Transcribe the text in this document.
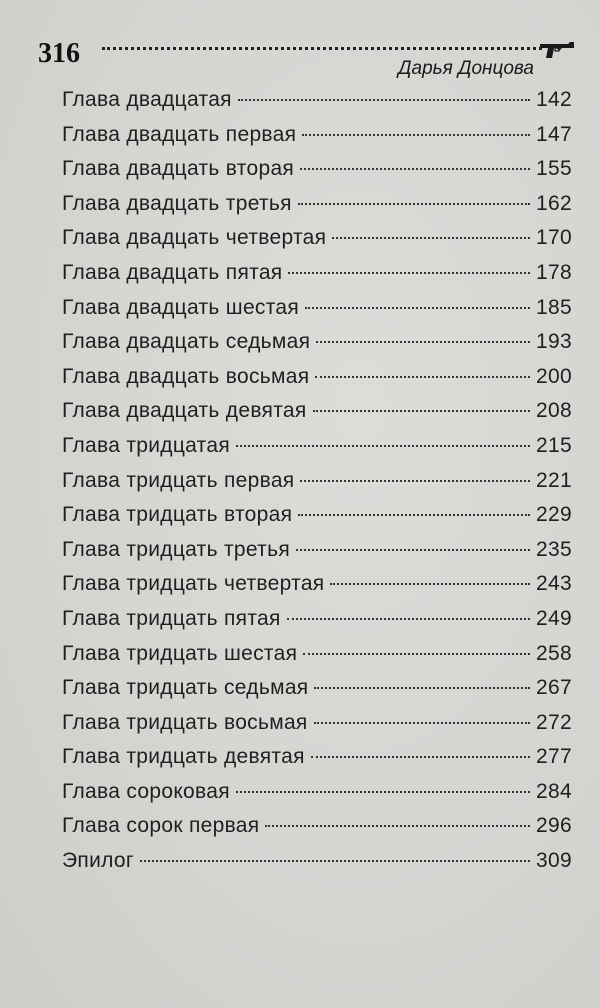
316	Дарья Донцова
Глава двадцатая	142
Глава двадцать первая	147
Глава двадцать вторая	155
Глава двадцать третья	162
Глава двадцать четвертая	170
Глава двадцать пятая	178
Глава двадцать шестая	185
Глава двадцать седьмая	193
Глава двадцать восьмая	200
Глава двадцать девятая	208
Глава тридцатая	215
Глава тридцать первая	221
Глава тридцать вторая	229
Глава тридцать третья	235
Глава тридцать четвертая	243
Глава тридцать пятая	249
Глава тридцать шестая	258
Глава тридцать седьмая	267
Глава тридцать восьмая	272
Глава тридцать девятая	277
Глава сороковая	284
Глава сорок первая	296
Эпилог	309
